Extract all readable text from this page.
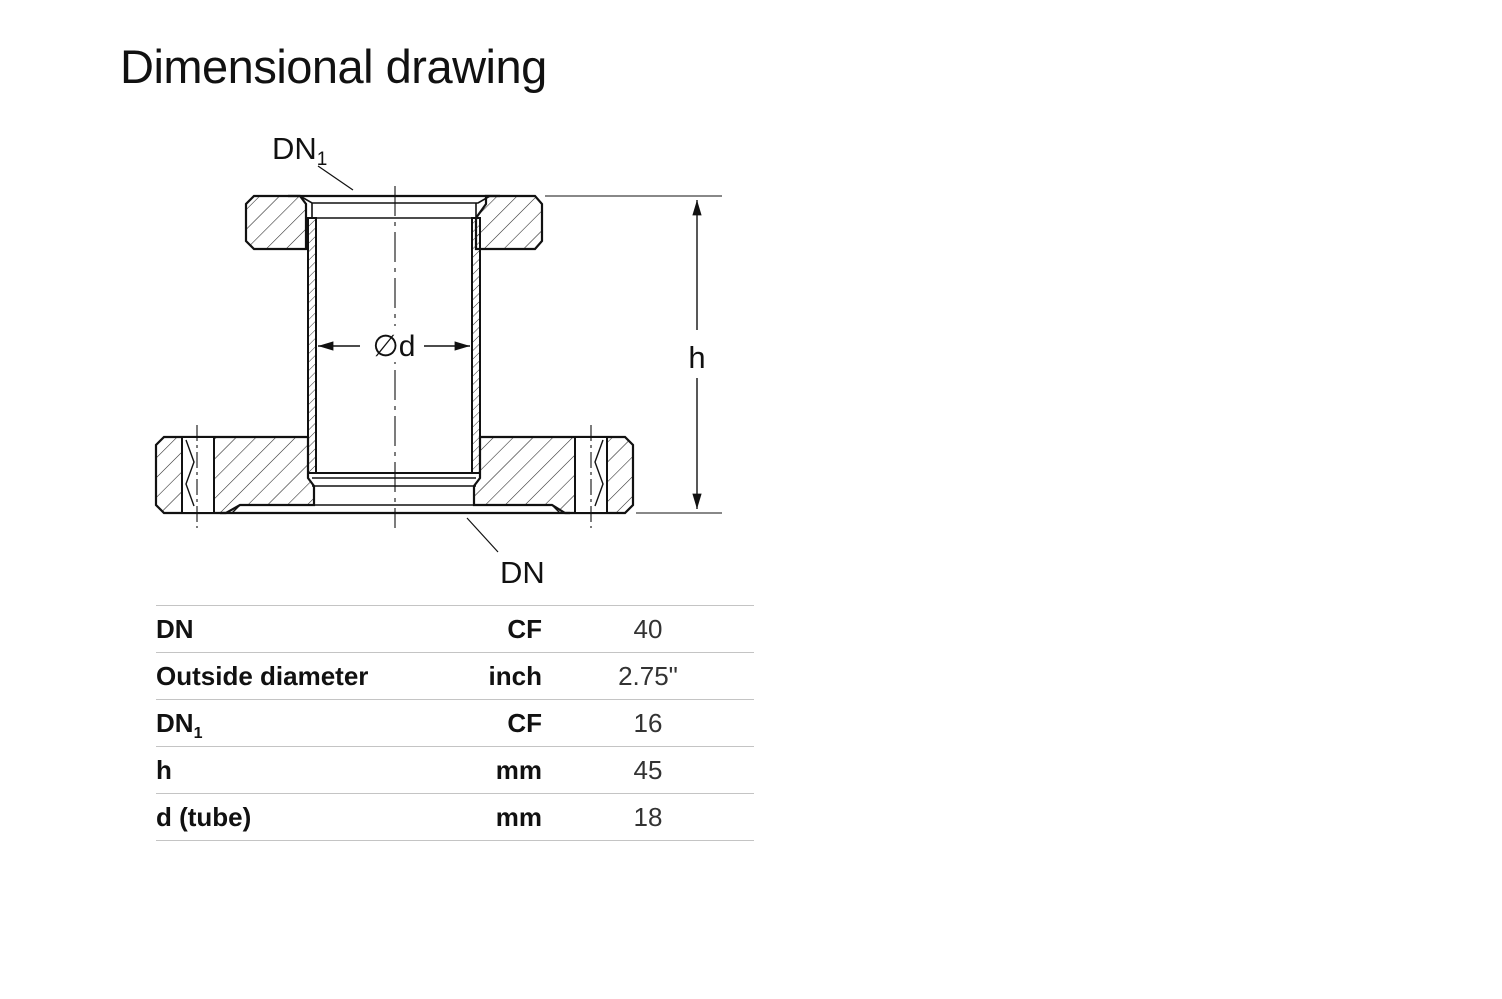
Dimensional drawing
h
∅d
DN1
DN
DN	CF	40
Outside diameter	inch	2.75"
$DN_1$	CF	16
h	mm	45
d (tube)	mm	18
